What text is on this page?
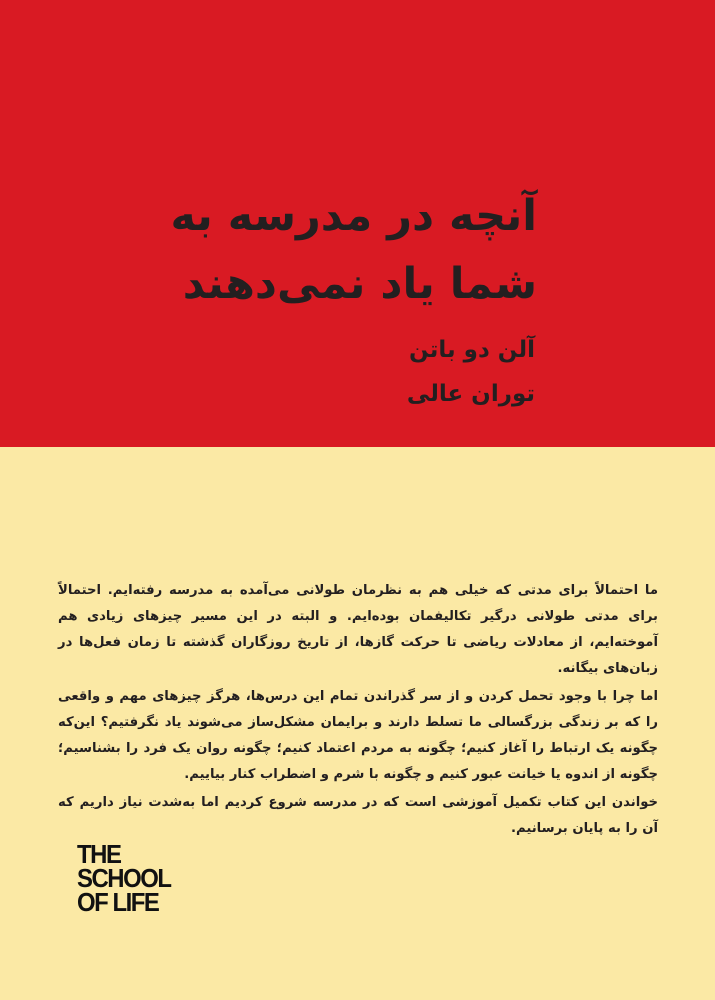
آنچه در مدرسه به
شما یاد نمی‌دهند
آلن دو باتن
توران عالی

ما احتمالاً برای مدتی که خیلی هم به نظرمان طولانی می‌آمده به مدرسه رفته‌ایم. احتمالاً برای مدتی طولانی درگیر تکالیفمان بوده‌ایم. و البته در این مسیر چیزهای زیادی هم آموخته‌ایم، از معادلات ریاضی تا حرکت گازها، از تاریخ روزگاران گذشته تا زمان فعل‌ها در زبان‌های بیگانه.

اما چرا با وجود تحمل کردن و از سر گذراندن تمام این درس‌ها، هرگز چیزهای مهم و واقعی را که بر زندگی بزرگسالی ما تسلط دارند و برایمان مشکل‌ساز می‌شوند یاد نگرفتیم؟ این‌که چگونه یک ارتباط را آغاز کنیم؛ چگونه به مردم اعتماد کنیم؛ چگونه روان یک فرد را بشناسیم؛ چگونه از اندوه یا خیانت عبور کنیم و چگونه با شرم و اضطراب کنار بیاییم.

خواندن این کتاب تکمیل آموزشی است که در مدرسه شروع کردیم اما به‌شدت نیاز داریم که آن را به پایان برسانیم.

THE
SCHOOL
OF LIFE
